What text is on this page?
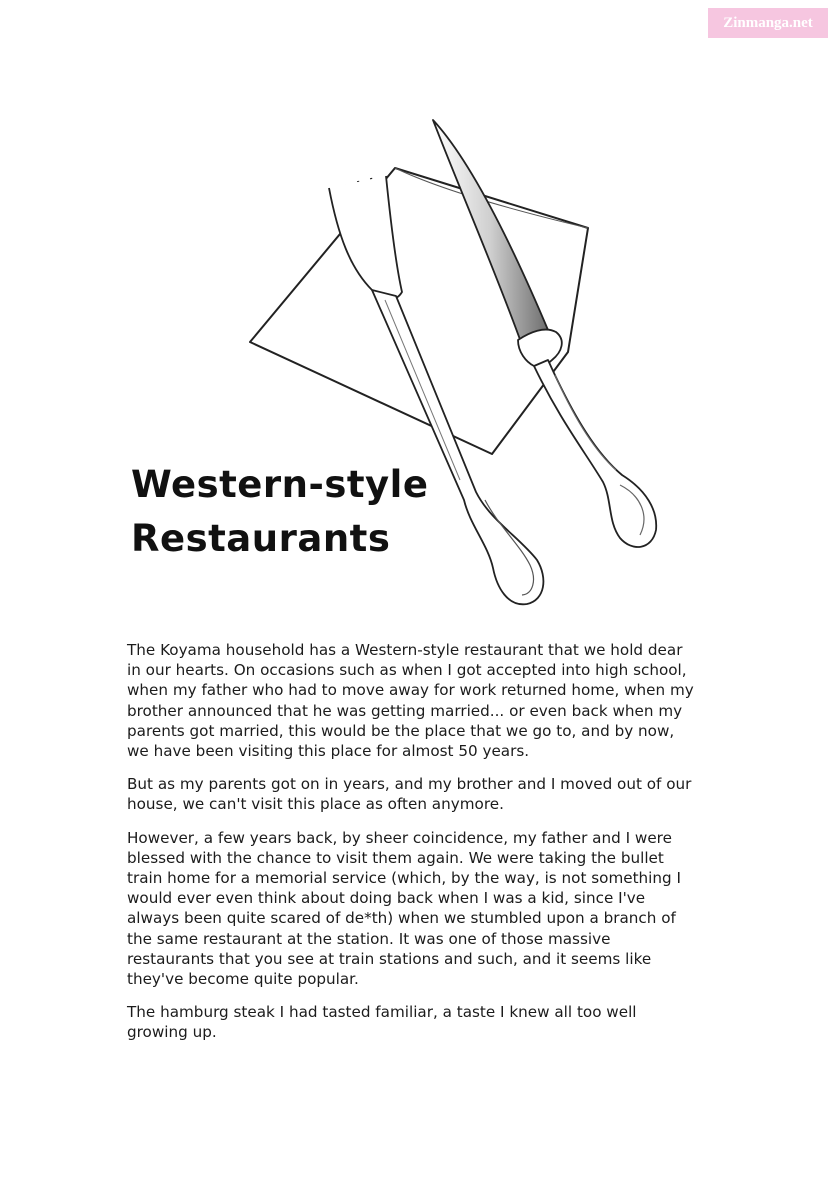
Zinmanga.net
Western-style
Restaurants

The Koyama household has a Western-style restaurant that we hold dear in our hearts. On occasions such as when I got accepted into high school, when my father who had to move away for work returned home, when my brother announced that he was getting married... or even back when my parents got married, this would be the place that we go to, and by now, we have been visiting this place for almost 50 years.

But as my parents got on in years, and my brother and I moved out of our house, we can't visit this place as often anymore.

However, a few years back, by sheer coincidence, my father and I were blessed with the chance to visit them again. We were taking the bullet train home for a memorial service (which, by the way, is not something I would ever even think about doing back when I was a kid, since I've always been quite scared of de*th) when we stumbled upon a branch of the same restaurant at the station. It was one of those massive restaurants that you see at train stations and such, and it seems like they've become quite popular.

The hamburg steak I had tasted familiar, a taste I knew all too well growing up.
